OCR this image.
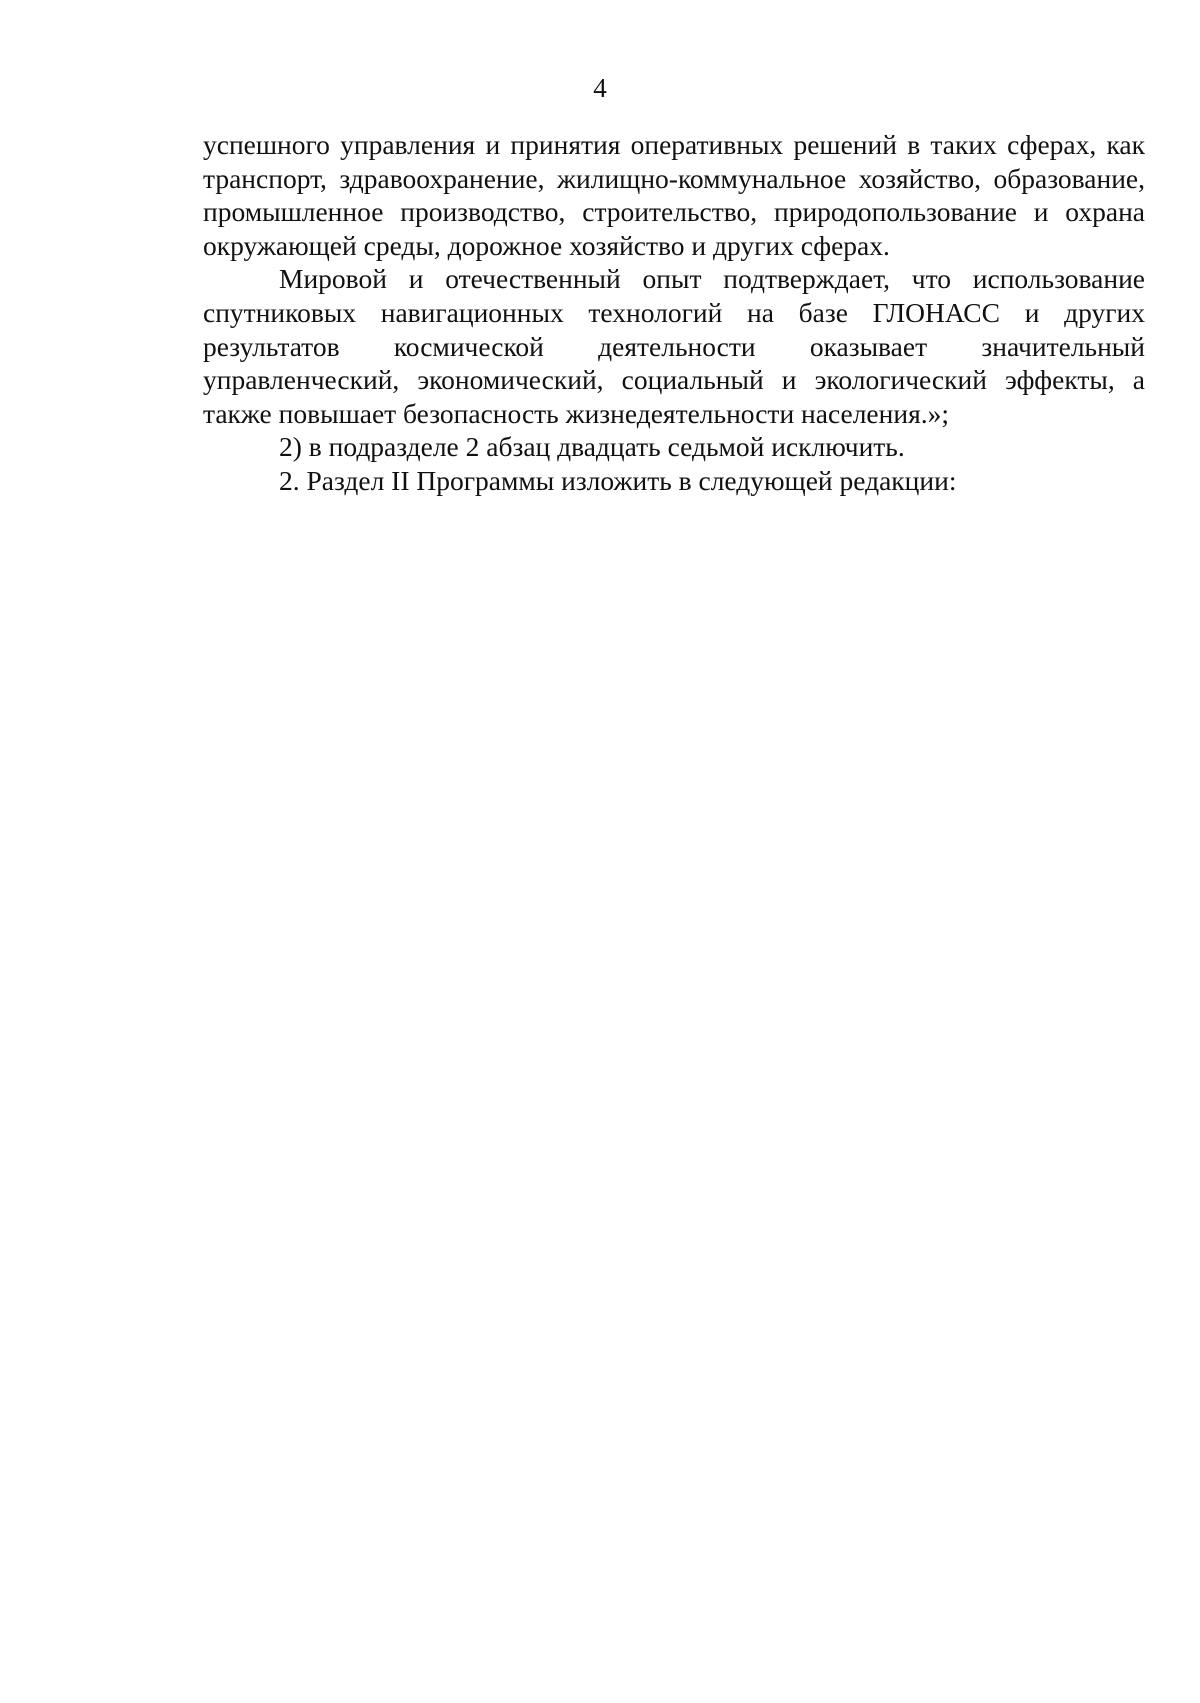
4

успешного управления и принятия оперативных решений в таких сферах, как транспорт, здравоохранение, жилищно-коммунальное хозяйство, образование, промышленное производство, строительство, природопользование и охрана окружающей среды, дорожное хозяйство и других сферах.

Мировой и отечественный опыт подтверждает, что использование спутниковых навигационных технологий на базе ГЛОНАСС и других результатов космической деятельности оказывает значительный управленческий, экономический, социальный и экологический эффекты, а также повышает безопасность жизнедеятельности населения.»;

2) в подразделе 2 абзац двадцать седьмой исключить.

2. Раздел II Программы изложить в следующей редакции:
